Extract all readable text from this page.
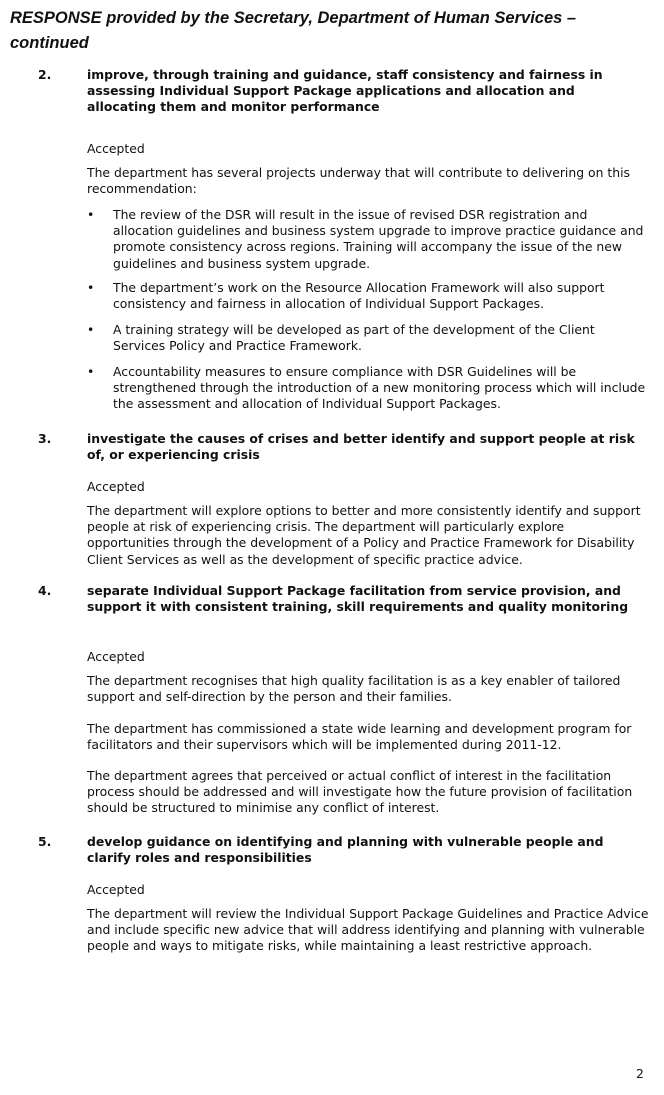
RESPONSE provided by the Secretary, Department of Human Services – continued
2.	improve, through training and guidance, staff consistency and fairness in assessing Individual Support Package applications and allocation and allocating them and monitor performance

Accepted

The department has several projects underway that will contribute to delivering on this recommendation:

• The review of the DSR will result in the issue of revised DSR registration and allocation guidelines and business system upgrade to improve practice guidance and promote consistency across regions. Training will accompany the issue of the new guidelines and business system upgrade.
• The department’s work on the Resource Allocation Framework will also support consistency and fairness in allocation of Individual Support Packages.
• A training strategy will be developed as part of the development of the Client Services Policy and Practice Framework.
• Accountability measures to ensure compliance with DSR Guidelines will be strengthened through the introduction of a new monitoring process which will include the assessment and allocation of Individual Support Packages.
3.	investigate the causes of crises and better identify and support people at risk of, or experiencing crisis

Accepted

The department will explore options to better and more consistently identify and support people at risk of experiencing crisis. The department will particularly explore opportunities through the development of a Policy and Practice Framework for Disability Client Services as well as the development of specific practice advice.

4.	separate Individual Support Package facilitation from service provision, and support it with consistent training, skill requirements and quality monitoring

Accepted

The department recognises that high quality facilitation is as a key enabler of tailored support and self-direction by the person and their families.

The department has commissioned a state wide learning and development program for facilitators and their supervisors which will be implemented during 2011-12.

The department agrees that perceived or actual conflict of interest in the facilitation process should be addressed and will investigate how the future provision of facilitation should be structured to minimise any conflict of interest.

5.	develop guidance on identifying and planning with vulnerable people and clarify roles and responsibilities

Accepted

The department will review the Individual Support Package Guidelines and Practice Advice and include specific new advice that will address identifying and planning with vulnerable people and ways to mitigate risks, while maintaining a least restrictive approach.

2
